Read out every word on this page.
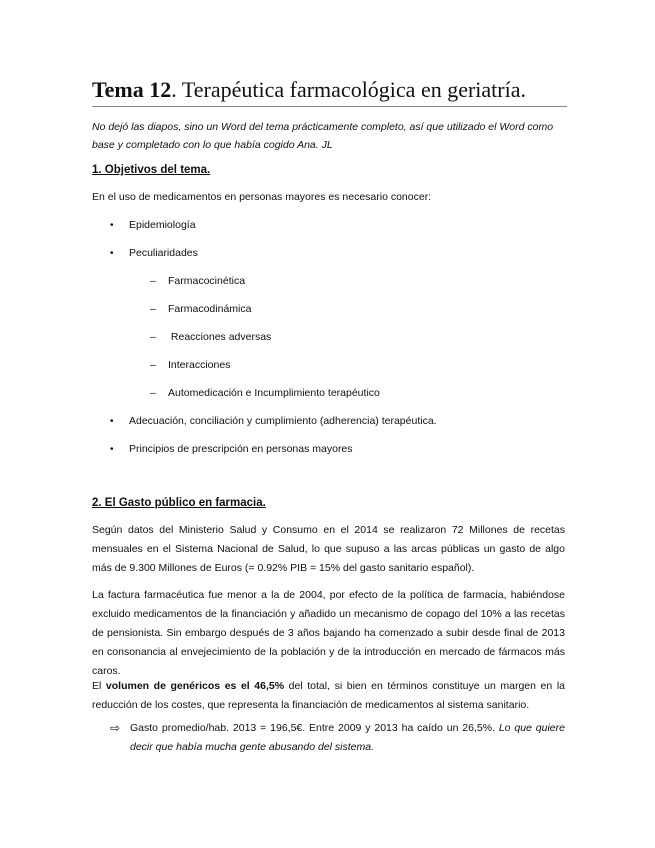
Tema 12. Terapéutica farmacológica en geriatría.
No dejó las diapos, sino un Word del tema prácticamente completo, así que utilizado el Word como base y completado con lo que había cogido Ana. JL
1. Objetivos del tema.
En el uso de medicamentos en personas mayores es necesario conocer:
• Epidemiología
• Peculiaridades
– Farmacocinética
– Farmacodinámica
– Reacciones adversas
– Interacciones
– Automedicación e Incumplimiento terapéutico
• Adecuación, conciliación y cumplimiento (adherencia) terapéutica.
• Principios de prescripción en personas mayores
2. El Gasto público en farmacia.
Según datos del Ministerio Salud y Consumo en el 2014 se realizaron 72 Millones de recetas mensuales en el Sistema Nacional de Salud, lo que supuso a las arcas públicas un gasto de algo más de 9.300 Millones de Euros (= 0.92% PIB = 15% del gasto sanitario español).
La factura farmacéutica fue menor a la de 2004, por efecto de la política de farmacia, habiéndose excluido medicamentos de la financiación y añadido un mecanismo de copago del 10% a las recetas de pensionista. Sin embargo después de 3 años bajando ha comenzado a subir desde final de 2013 en consonancia al envejecimiento de la población y de la introducción en mercado de fármacos más caros.
El volumen de genéricos es el 46,5% del total, si bien en términos constituye un margen en la reducción de los costes, que representa la financiación de medicamentos al sistema sanitario.
⇨ Gasto promedio/hab. 2013 = 196,5€. Entre 2009 y 2013 ha caído un 26,5%. Lo que quiere decir que había mucha gente abusando del sistema.
